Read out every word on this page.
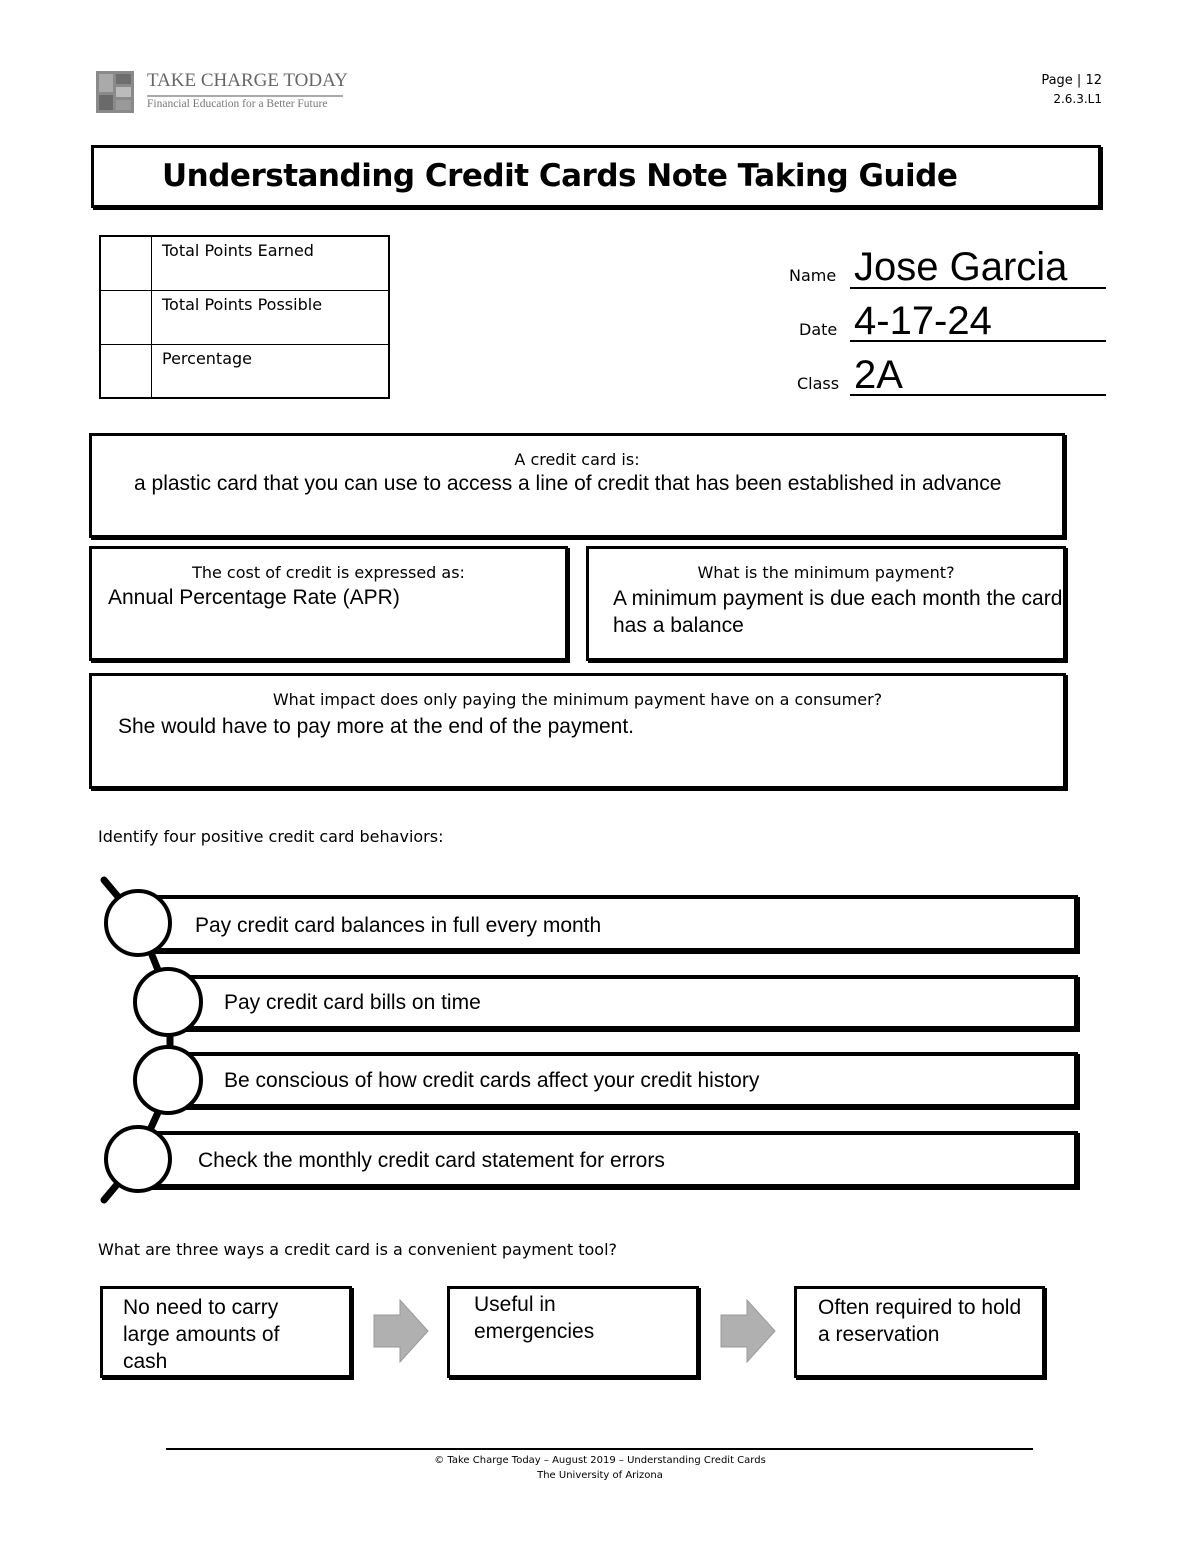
TAKE CHARGE TODAY
Financial Education for a Better Future
Page | 12
2.6.3.L1
Understanding Credit Cards Note Taking Guide
Total Points Earned
Total Points Possible
Percentage
Name Jose Garcia
Date 4-17-24
Class 2A
A credit card is:
a plastic card that you can use to access a line of credit that has been established in advance
The cost of credit is expressed as:
Annual Percentage Rate (APR)
What is the minimum payment?
A minimum payment is due each month the card has a balance
What impact does only paying the minimum payment have on a consumer?
She would have to pay more at the end of the payment.
Identify four positive credit card behaviors:
Pay credit card balances in full every month
Pay credit card bills on time
Be conscious of how credit cards affect your credit history
Check the monthly credit card statement for errors
What are three ways a credit card is a convenient payment tool?
No need to carry large amounts of cash
Useful in emergencies
Often required to hold a reservation
© Take Charge Today – August 2019 – Understanding Credit Cards
The University of Arizona
